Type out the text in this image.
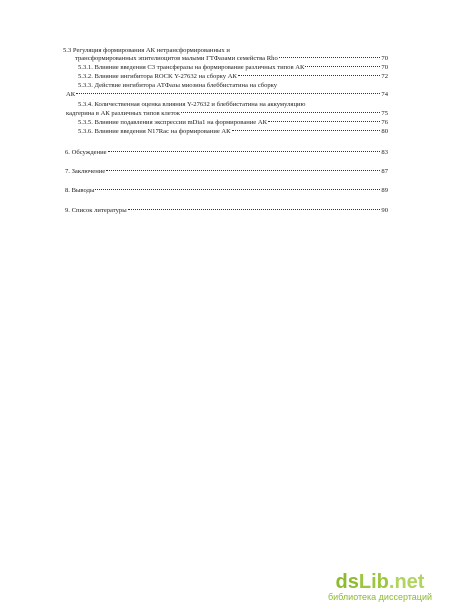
5.3 Регуляция формирования АК нетрансформированных и
трансформированных эпителиоцитов малыми ГТФазами семейства Rho	70
5.3.1. Влияние введения С3 трансферазы на формирование различных типов АК	70
5.3.2. Влияние ингибитора ROCK Y-27632 на сборку АК	72
5.3.3. Действие ингибитора АТФазы миозина блеббистатина на сборку
АК	74
5.3.4. Количественная оценка влияния Y-27632 и блеббистатина на аккумуляцию
кадгерина в АК различных типов клеток	75
5.3.5. Влияние подавления экспрессии mDia1 на формирование АК	76
5.3.6. Влияние введения N17Rac на формирование АК	80
6. Обсуждение	83
7. Заключение	87
8. Выводы	89
9. Список литературы	90
dsLib.net
библиотека диссертаций
